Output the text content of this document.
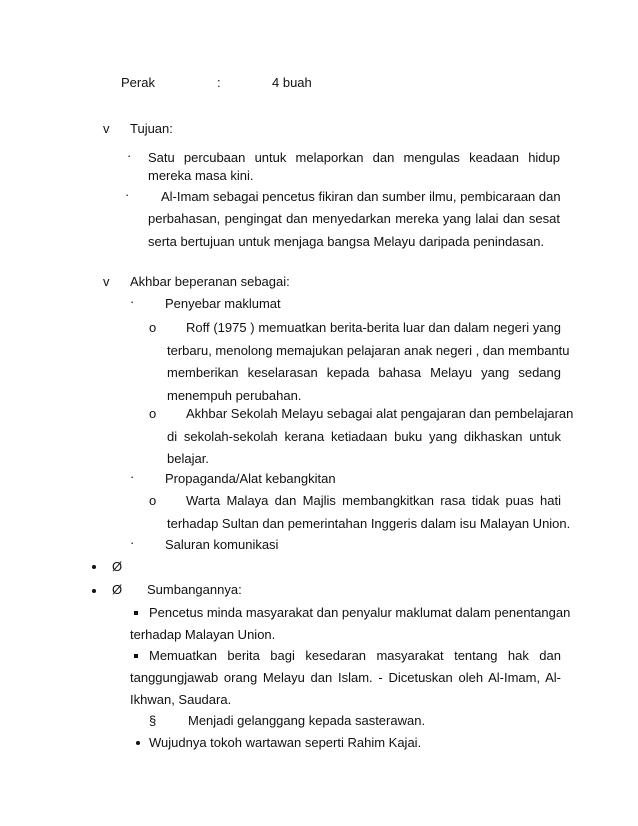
Perak	:	4 buah
v Tujuan:
· Satu percubaan untuk melaporkan dan mengulas keadaan hidup
mereka masa kini.
· Al-Imam sebagai pencetus fikiran dan sumber ilmu, pembicaraan dan
perbahasan, pengingat dan menyedarkan mereka yang lalai dan sesat
serta bertujuan untuk menjaga bangsa Melayu daripada penindasan.
v Akhbar beperanan sebagai:
· Penyebar maklumat
o Roff (1975 ) memuatkan berita-berita luar dan dalam negeri yang
terbaru, menolong memajukan pelajaran anak negeri , dan membantu
memberikan keselarasan kepada bahasa Melayu yang sedang
menempuh perubahan.
o Akhbar Sekolah Melayu sebagai alat pengajaran dan pembelajaran
di sekolah-sekolah kerana ketiadaan buku yang dikhaskan untuk
belajar.
· Propaganda/Alat kebangkitan
o Warta Malaya dan Majlis membangkitkan rasa tidak puas hati
terhadap Sultan dan pemerintahan Inggeris dalam isu Malayan Union.
· Saluran komunikasi
Ø
Ø Sumbangannya:
Pencetus minda masyarakat dan penyalur maklumat dalam penentangan
terhadap Malayan Union.
Memuatkan berita bagi kesedaran masyarakat tentang hak dan
tanggungjawab orang Melayu dan Islam. - Dicetuskan oleh Al-Imam, Al-
Ikhwan, Saudara.
§ Menjadi gelanggang kepada sasterawan.
Wujudnya tokoh wartawan seperti Rahim Kajai.
